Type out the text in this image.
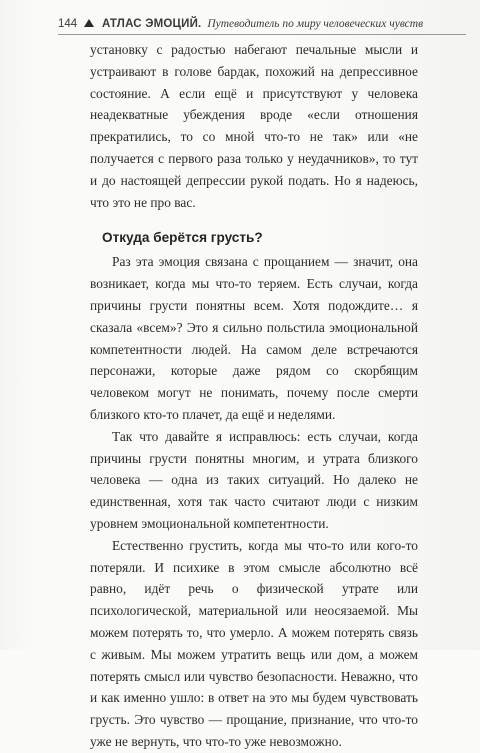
144 АТЛАС ЭМОЦИЙ. Путеводитель по миру человеческих чувств

установку с радостью набегают печальные мысли и устраивают в голове бардак, похожий на депрессивное состояние. А если ещё и присутствуют у человека неадекватные убеждения вроде «если отношения прекратились, то со мной что-то не так» или «не получается с первого раза только у неудачников», то тут и до настоящей депрессии рукой подать. Но я надеюсь, что это не про вас.

Откуда берётся грусть?

Раз эта эмоция связана с прощанием — значит, она возникает, когда мы что-то теряем. Есть случаи, когда причины грусти понятны всем. Хотя подождите… я сказала «всем»? Это я сильно польстила эмоциональной компетентности людей. На самом деле встречаются персонажи, которые даже рядом со скорбящим человеком могут не понимать, почему после смерти близкого кто-то плачет, да ещё и неделями.

Так что давайте я исправлюсь: есть случаи, когда причины грусти понятны многим, и утрата близкого человека — одна из таких ситуаций. Но далеко не единственная, хотя так часто считают люди с низким уровнем эмоциональной компетентности.

Естественно грустить, когда мы что-то или кого-то потеряли. И психике в этом смысле абсолютно всё равно, идёт речь о физической утрате или психологической, материальной или неосязаемой. Мы можем потерять то, что умерло. А можем потерять связь с живым. Мы можем утратить вещь или дом, а можем потерять смысл или чувство безопасности. Неважно, что и как именно ушло: в ответ на это мы будем чувствовать грусть. Это чувство — прощание, признание, что что-то уже не вернуть, что что-то уже невозможно.
